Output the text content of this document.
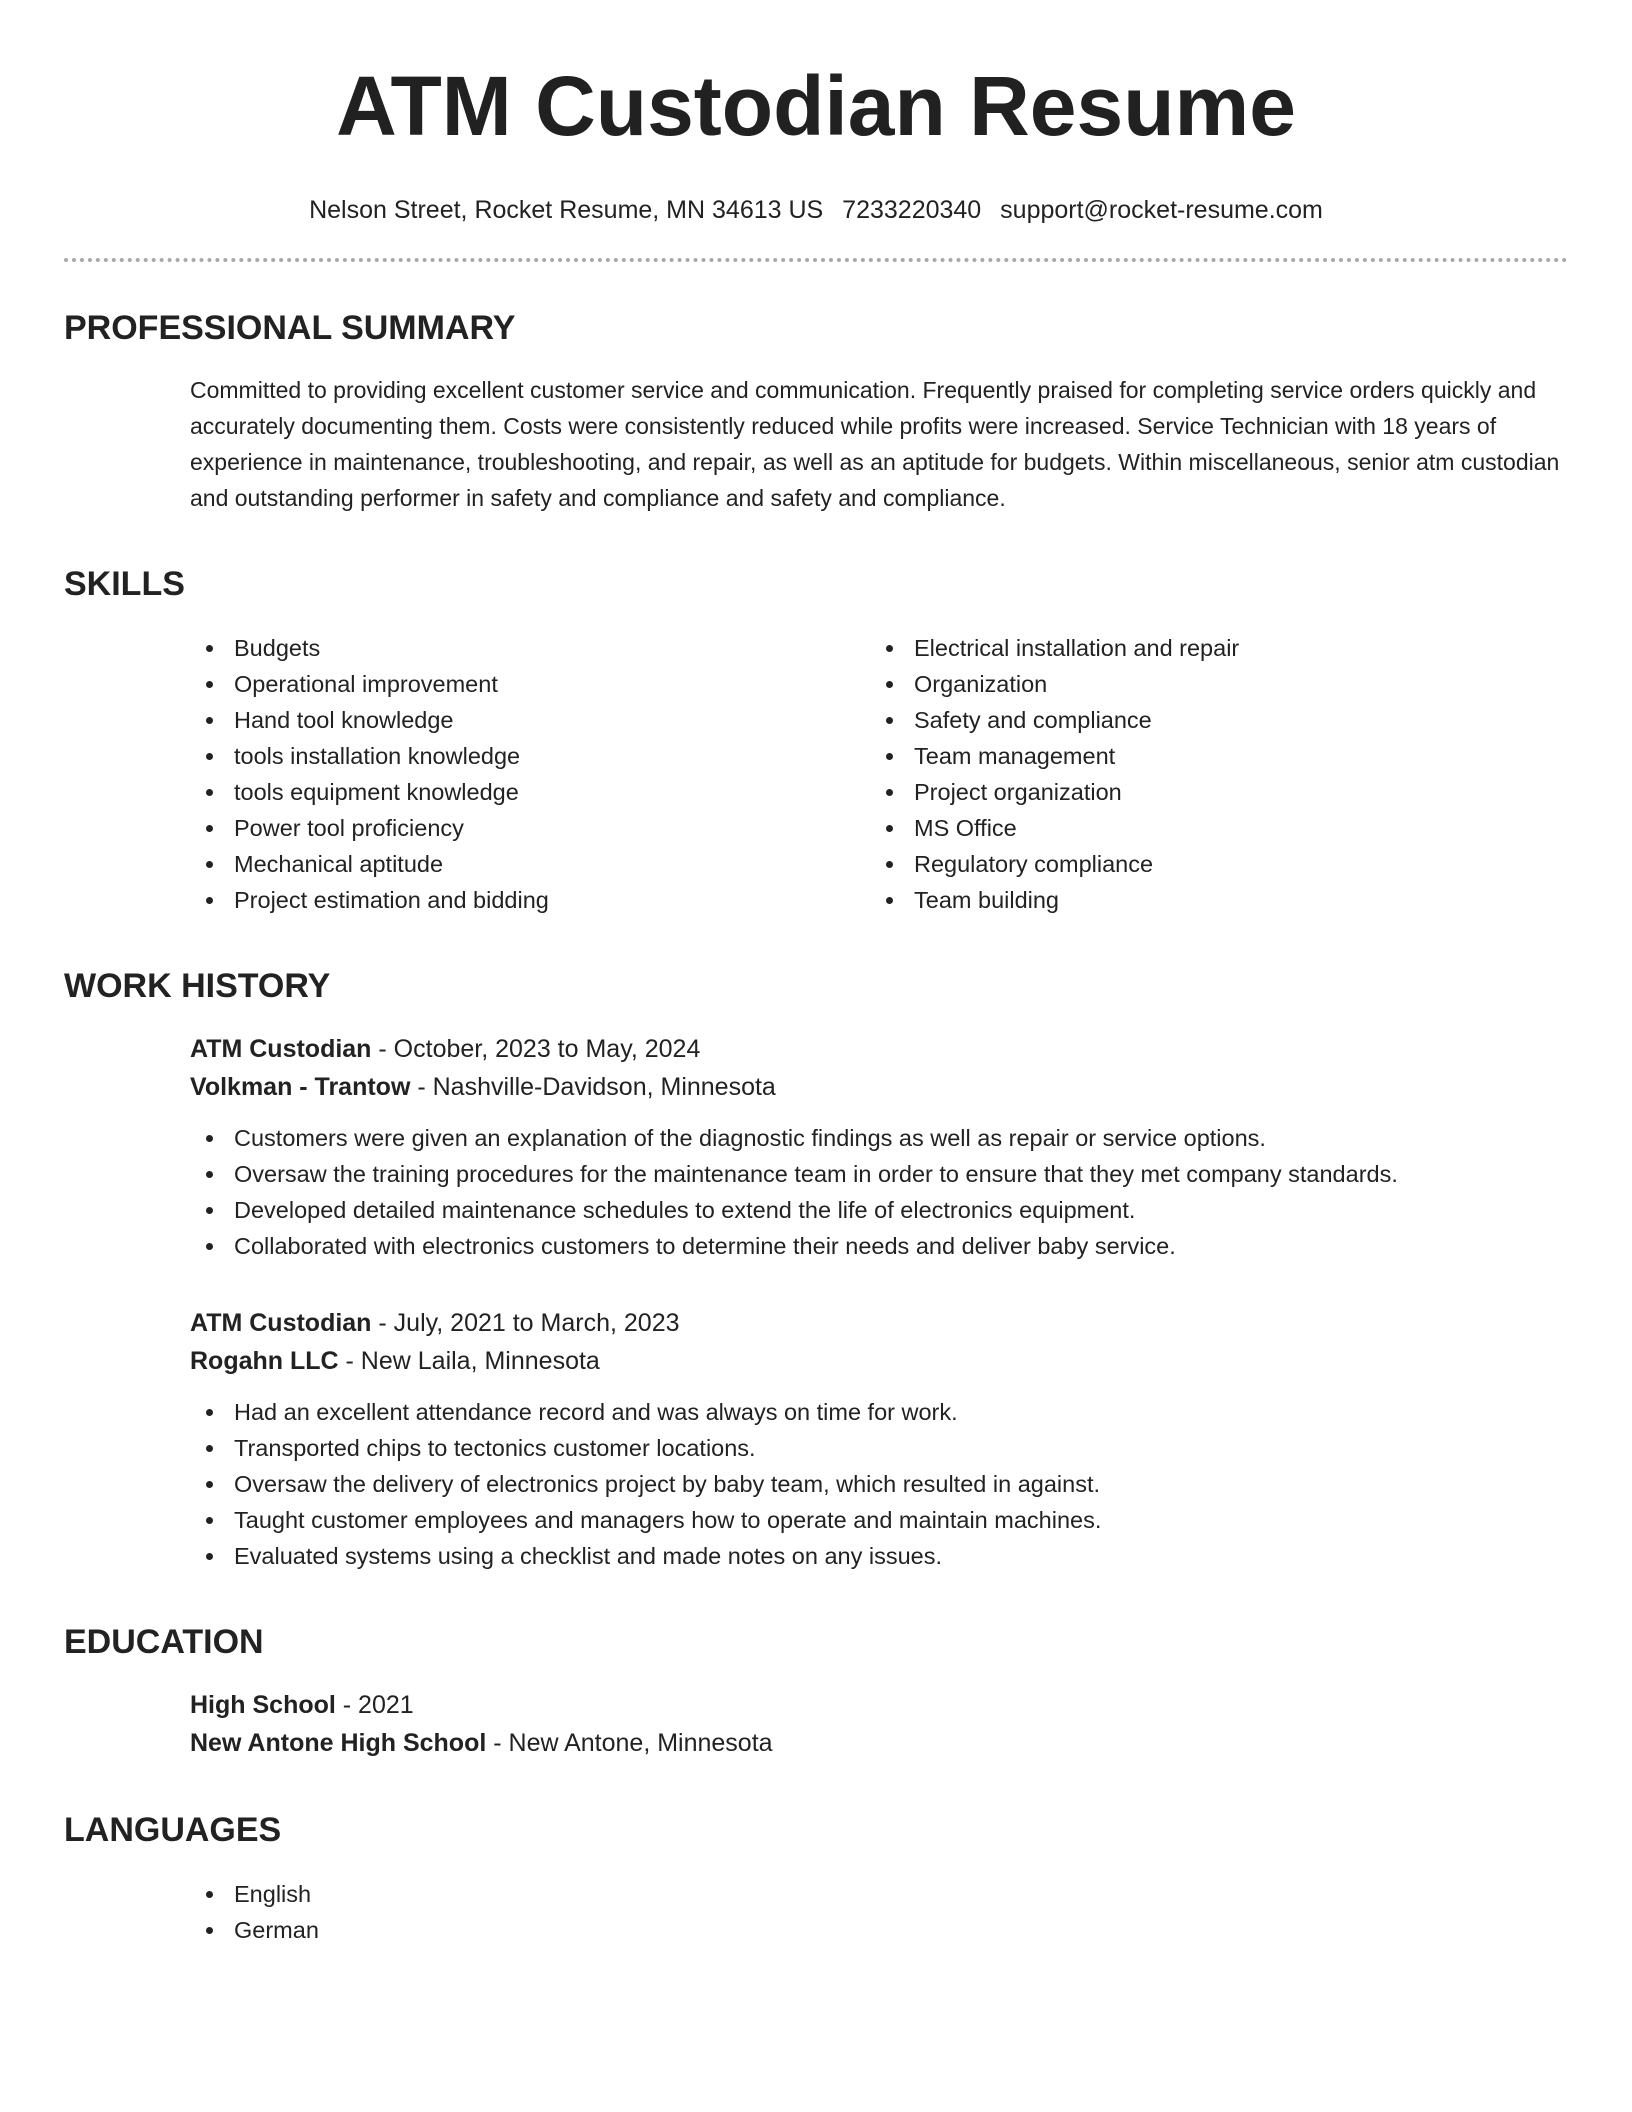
ATM Custodian Resume
Nelson Street, Rocket Resume, MN 34613 US 7233220340 support@rocket-resume.com
PROFESSIONAL SUMMARY

Committed to providing excellent customer service and communication. Frequently praised for completing service orders quickly and accurately documenting them. Costs were consistently reduced while profits were increased. Service Technician with 18 years of experience in maintenance, troubleshooting, and repair, as well as an aptitude for budgets. Within miscellaneous, senior atm custodian and outstanding performer in safety and compliance and safety and compliance.

SKILLS
Budgets
Operational improvement
Hand tool knowledge
tools installation knowledge
tools equipment knowledge
Power tool proficiency
Mechanical aptitude
Project estimation and bidding
Electrical installation and repair
Organization
Safety and compliance
Team management
Project organization
MS Office
Regulatory compliance
Team building
WORK HISTORY
ATM Custodian - October, 2023 to May, 2024
Volkman - Trantow - Nashville-Davidson, Minnesota
Customers were given an explanation of the diagnostic findings as well as repair or service options.
Oversaw the training procedures for the maintenance team in order to ensure that they met company standards.
Developed detailed maintenance schedules to extend the life of electronics equipment.
Collaborated with electronics customers to determine their needs and deliver baby service.
ATM Custodian - July, 2021 to March, 2023
Rogahn LLC - New Laila, Minnesota
Had an excellent attendance record and was always on time for work.
Transported chips to tectonics customer locations.
Oversaw the delivery of electronics project by baby team, which resulted in against.
Taught customer employees and managers how to operate and maintain machines.
Evaluated systems using a checklist and made notes on any issues.
EDUCATION
High School - 2021
New Antone High School - New Antone, Minnesota
LANGUAGES
English
German
